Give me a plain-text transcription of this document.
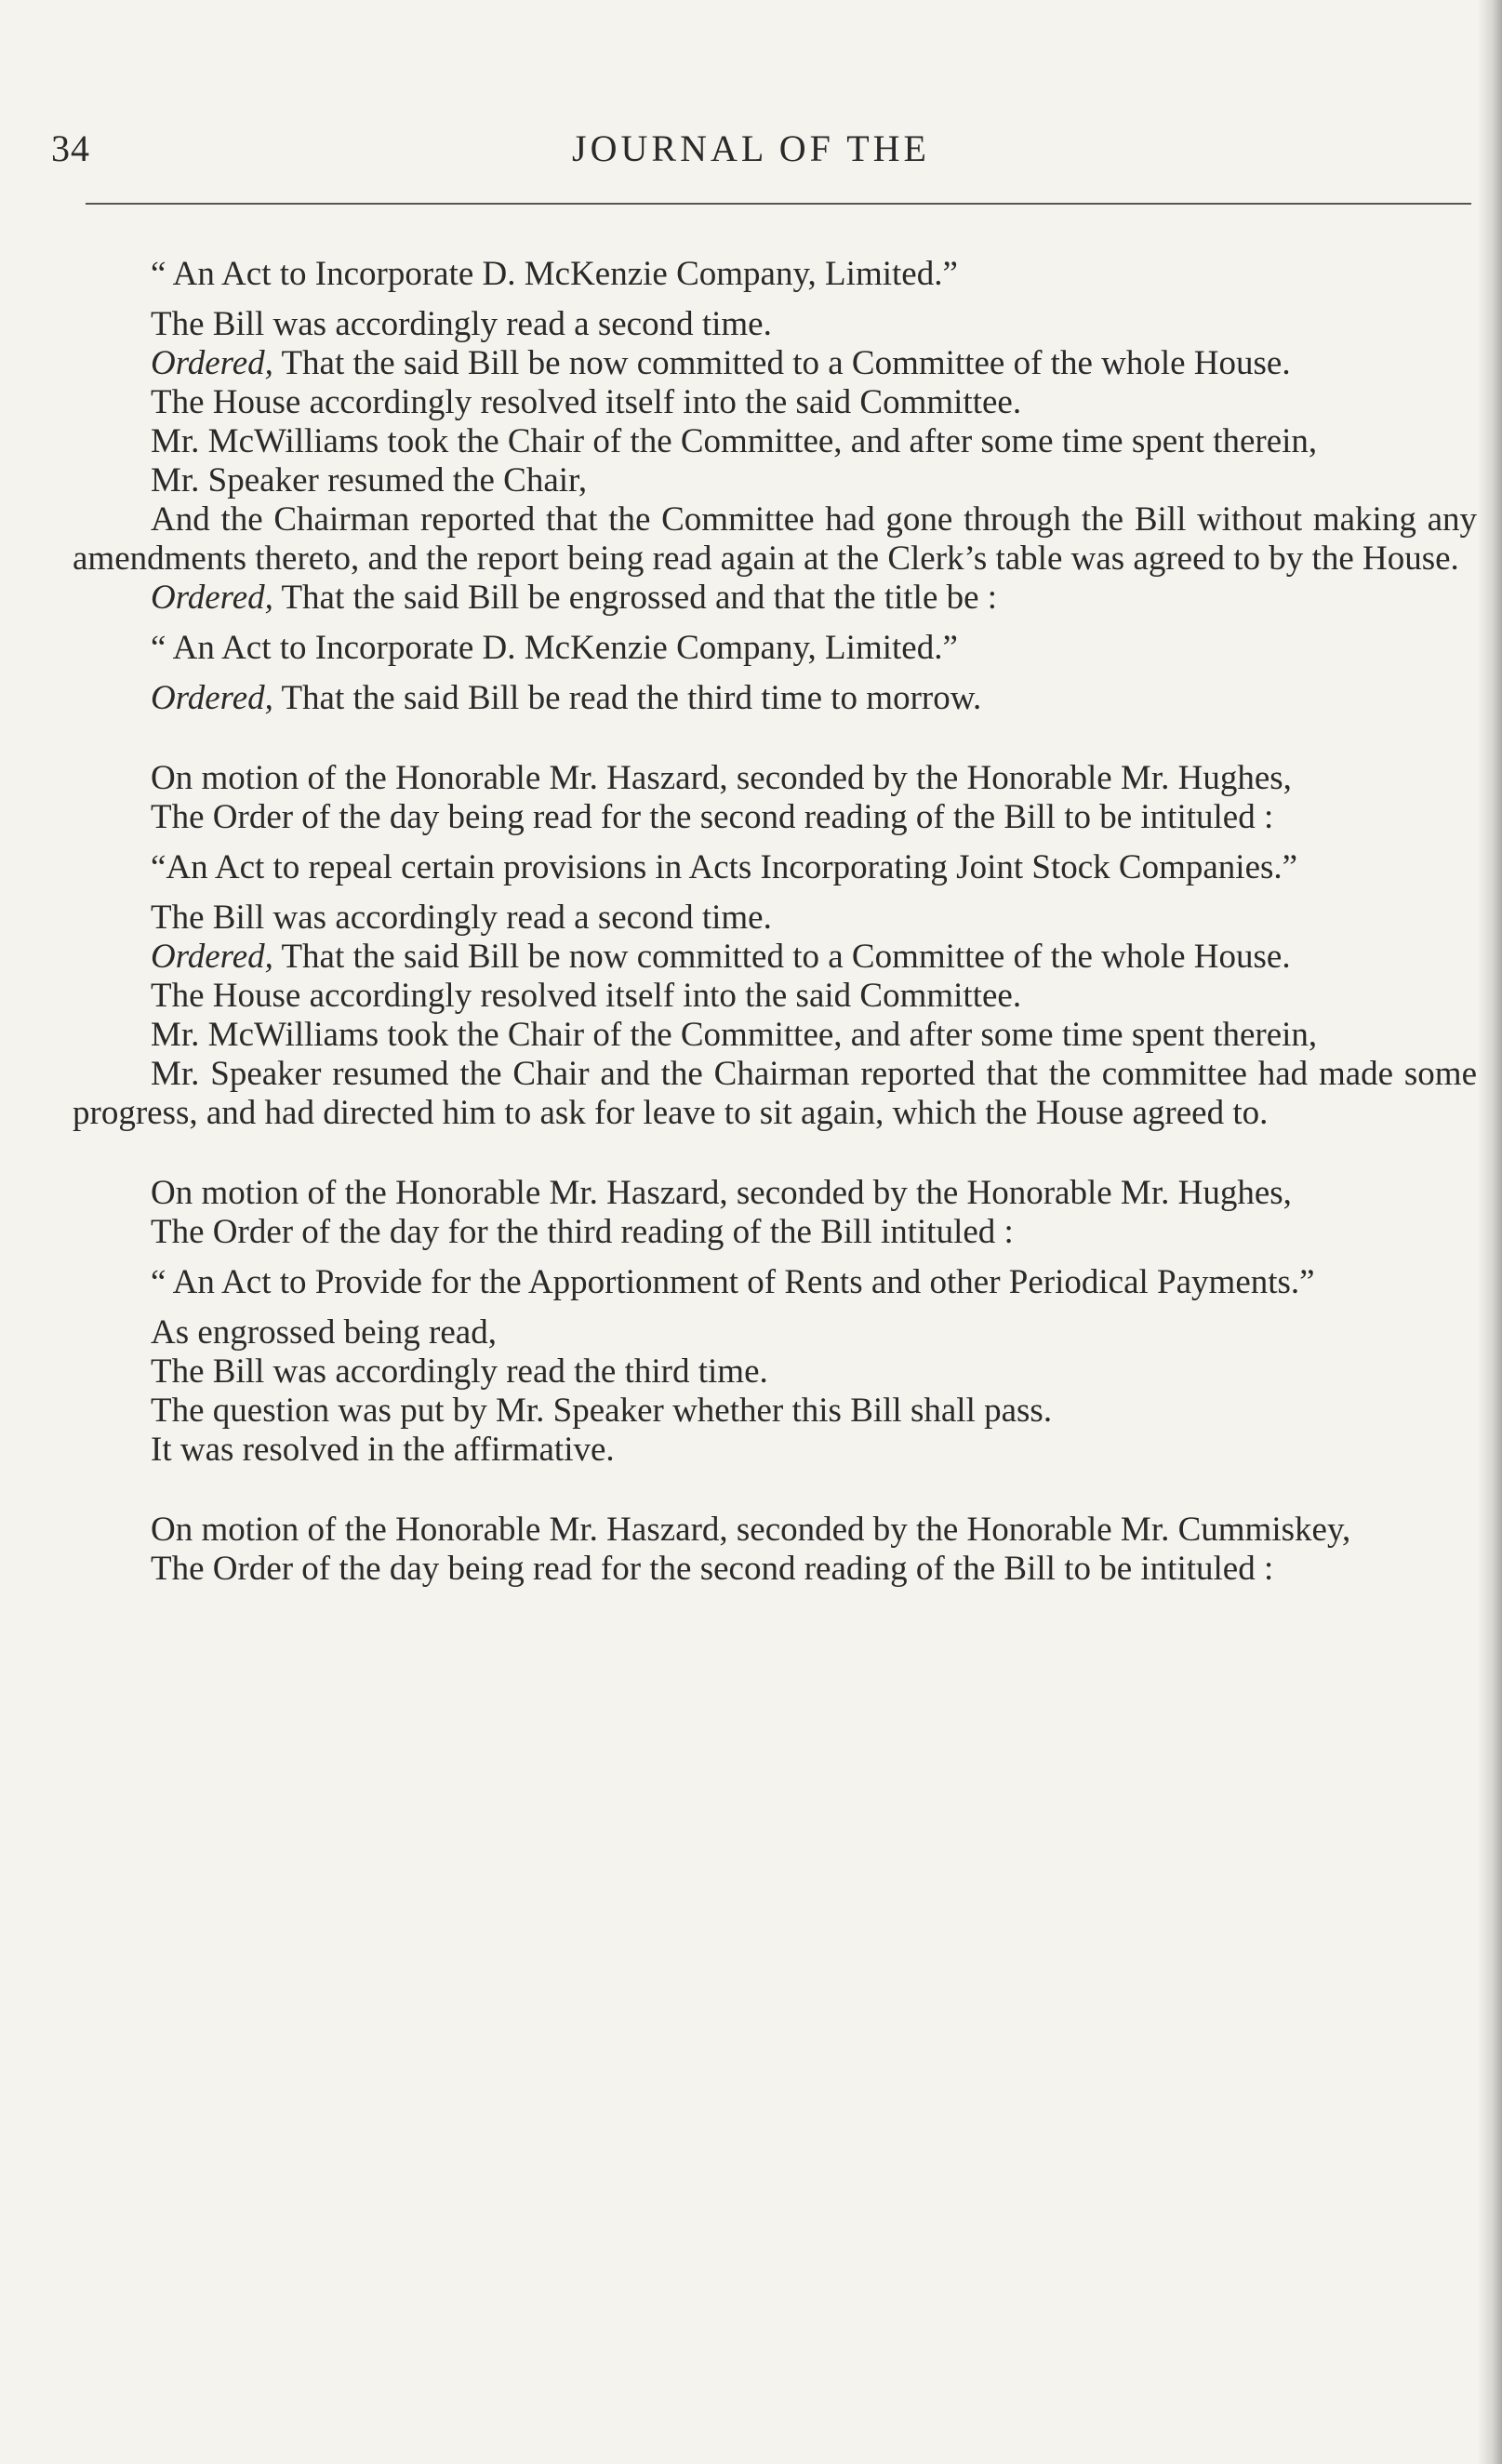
34	JOURNAL OF THE

“ An Act to Incorporate D. McKenzie Company, Limited.”

The Bill was accordingly read a second time.

Ordered, That the said Bill be now committed to a Committee of the whole House.

The House accordingly resolved itself into the said Committee.

Mr. McWilliams took the Chair of the Committee, and after some time spent therein,

Mr. Speaker resumed the Chair,

And the Chairman reported that the Committee had gone through the Bill without making any amendments thereto, and the report being read again at the Clerk’s table was agreed to by the House.

Ordered, That the said Bill be engrossed and that the title be :

“ An Act to Incorporate D. McKenzie Company, Limited.”

Ordered, That the said Bill be read the third time to morrow.

On motion of the Honorable Mr. Haszard, seconded by the Honorable Mr. Hughes,

The Order of the day being read for the second reading of the Bill to be intituled :

“An Act to repeal certain provisions in Acts Incorporating Joint Stock Companies.”

The Bill was accordingly read a second time.

Ordered, That the said Bill be now committed to a Committee of the whole House.

The House accordingly resolved itself into the said Committee.

Mr. McWilliams took the Chair of the Committee, and after some time spent therein,

Mr. Speaker resumed the Chair and the Chairman reported that the committee had made some progress, and had directed him to ask for leave to sit again, which the House agreed to.

On motion of the Honorable Mr. Haszard, seconded by the Honorable Mr. Hughes,

The Order of the day for the third reading of the Bill intituled :

“ An Act to Provide for the Apportionment of Rents and other Periodical Payments.”

As engrossed being read,

The Bill was accordingly read the third time.

The question was put by Mr. Speaker whether this Bill shall pass.

It was resolved in the affirmative.

On motion of the Honorable Mr. Haszard, seconded by the Honorable Mr. Cummiskey,

The Order of the day being read for the second reading of the Bill to be intituled :
